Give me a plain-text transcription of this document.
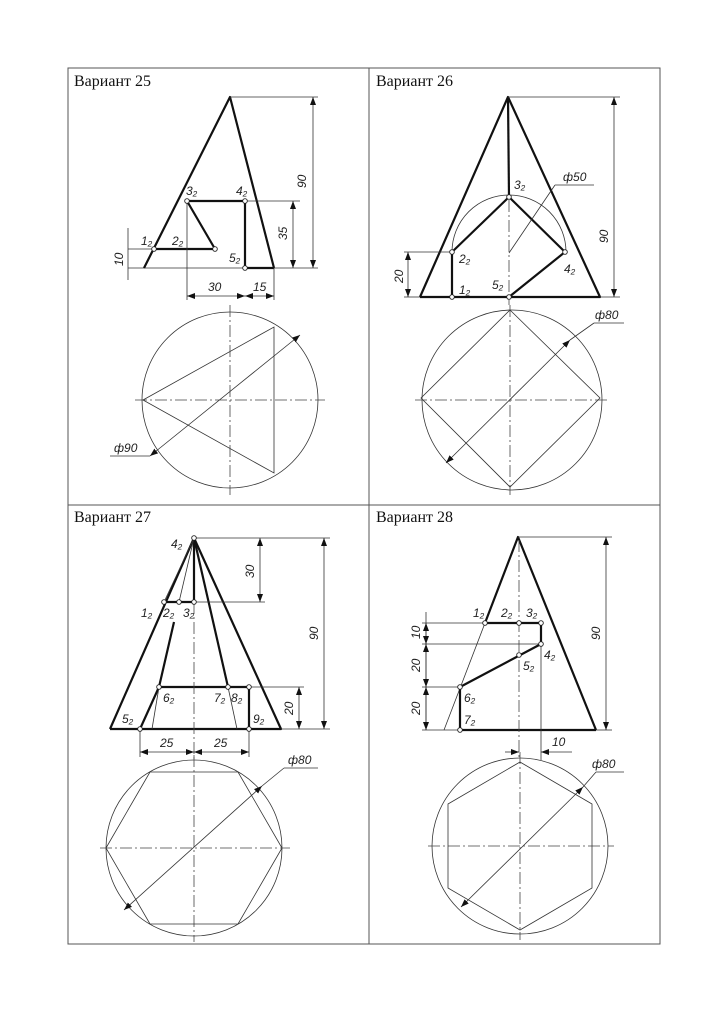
Вариант 25
1₂ 2₂
3₂	4₂
5₂
90
35
10
30	15
ф90
Вариант 26
1₂
2₂
3₂
4₂
5₂
90
20
ф50
ф80
Вариант 27
1₂ 2₂ 3₂
4₂
5₂
6₂	7₂ 8₂
9₂
30
90
20
25	25
ф80
Вариант 28
1₂ 2₂ 3₂
4₂
5₂
6₂
7₂
10
20
20
90
10
ф80
